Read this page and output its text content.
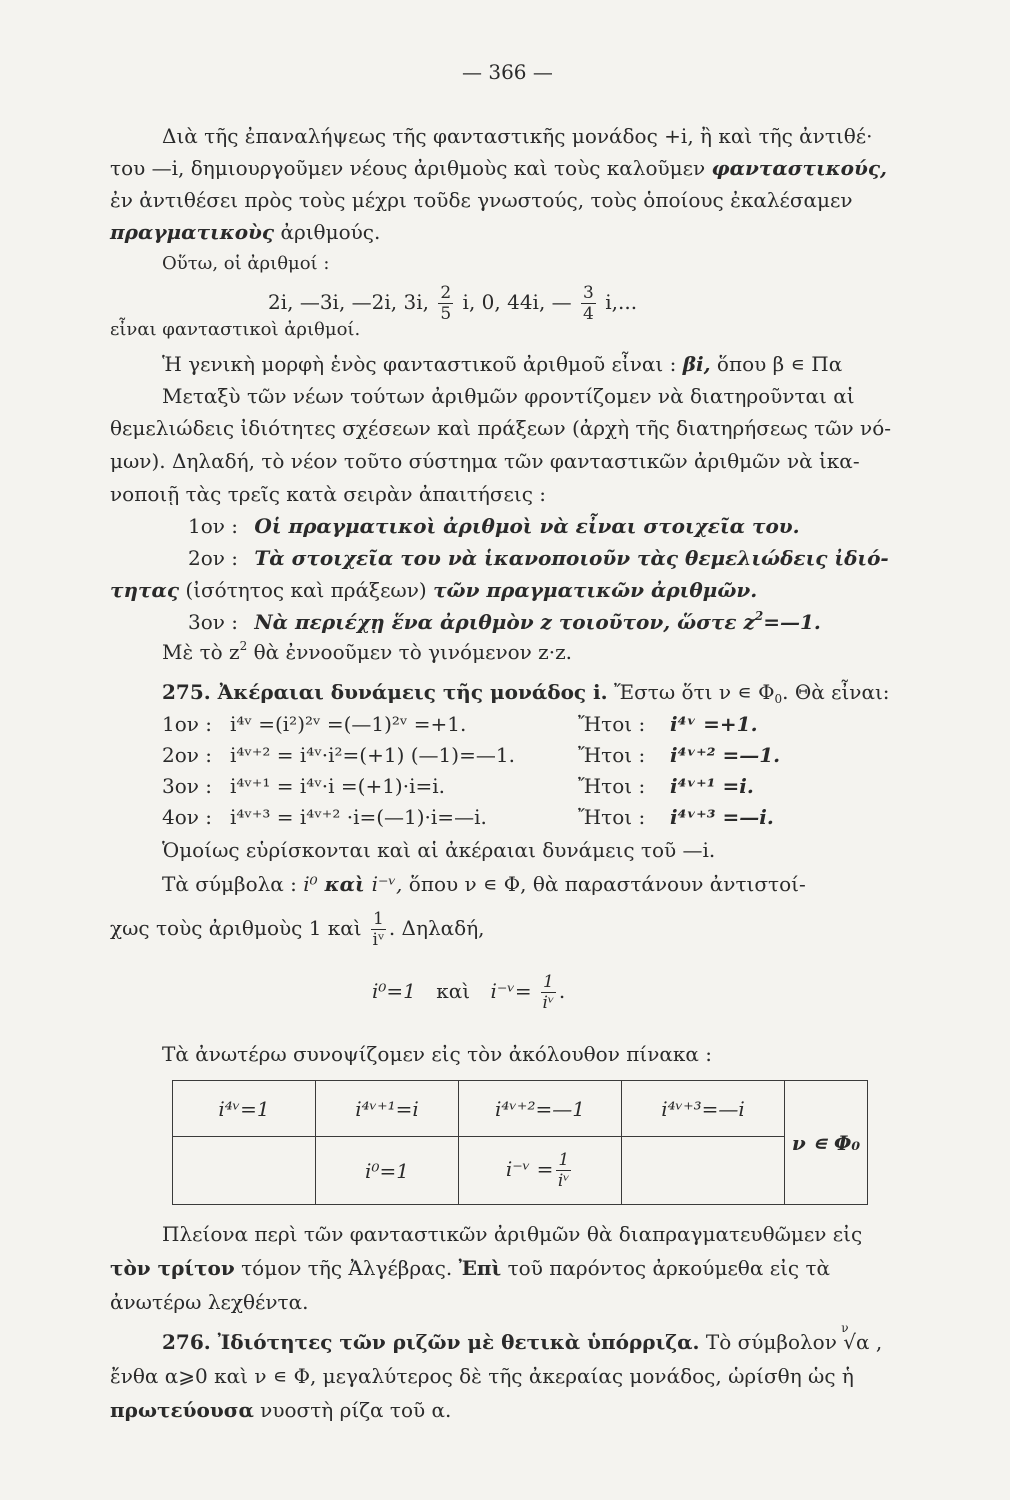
— 366 —
Διὰ τῆς ἐπαναλήψεως τῆς φανταστικῆς μονάδος +i, ἢ καὶ τῆς ἀντιθέ·
του —i, δημιουργοῦμεν νέους ἀριθμοὺς καὶ τοὺς καλοῦμεν φανταστικούς,
ἐν ἀντιθέσει πρὸς τοὺς μέχρι τοῦδε γνωστούς, τοὺς ὁποίους ἐκαλέσαμεν
πραγματικοὺς ἀριθμούς.
Οὕτω, οἱ ἀριθμοί :
2i, —3i, —2i, 3i, $\frac{2}{5} i$, 0, 44i, — $\frac{3}{4} i$,...
εἶναι φανταστικοὶ ἀριθμοί.
Ἡ γενικὴ μορφὴ ἑνὸς φανταστικοῦ ἀριθμοῦ εἶναι : βi, ὅπου β ∊ Πα
Μεταξὺ τῶν νέων τούτων ἀριθμῶν φροντίζομεν νὰ διατηροῦνται αἱ
θεμελιώδεις ἰδιότητες σχέσεων καὶ πράξεων (ἀρχὴ τῆς διατηρήσεως τῶν νό-
μων). Δηλαδή, τὸ νέον τοῦτο σύστημα τῶν φανταστικῶν ἀριθμῶν νὰ ἱκα-
νοποιῇ τὰς τρεῖς κατὰ σειρὰν ἀπαιτήσεις :
1ον : Οἱ πραγματικοὶ ἀριθμοὶ νὰ εἶναι στοιχεῖα του.
2ον : Τὰ στοιχεῖα του νὰ ἱκανοποιοῦν τὰς θεμελιώδεις ἰδιό-
τητας (ἰσότητος καὶ πράξεων) τῶν πραγματικῶν ἀριθμῶν.
3ον : Νὰ περιέχῃ ἕνα ἀριθμὸν z τοιοῦτον, ὥστε $z^2=—1$.
Μὲ τὸ $z^2$ θὰ ἐννοοῦμεν τὸ γινόμενον z·z.
275. Ἀκέραιαι δυνάμεις τῆς μονάδος i. Ἔστω ὅτι ν ∊ $\Phi_0$. Θὰ εἶναι:
1ον : i⁴ᵛ =(i²)²ᵛ =(—1)²ᵛ =+1.	Ἤτοι : i⁴ᵛ =+1.
2ον : i⁴ᵛ⁺² = i⁴ᵛ·i²=(+1) (—1)=—1.	Ἤτοι : i⁴ᵛ⁺² =—1.
3ον : i⁴ᵛ⁺¹ = i⁴ᵛ·i =(+1)·i=i.	Ἤτοι : i⁴ᵛ⁺¹ =i.
4ον : i⁴ᵛ⁺³ = i⁴ᵛ⁺² ·i=(—1)·i=—i.	Ἤτοι : i⁴ᵛ⁺³ =—i.
Ὁμοίως εὑρίσκονται καὶ αἱ ἀκέραιαι δυνάμεις τοῦ —i.
Τὰ σύμβολα : i⁰ καὶ i⁻ᵛ, ὅπου ν ∊ Φ, θὰ παραστάνουν ἀντιστοί-
χως τοὺς ἀριθμοὺς 1 καὶ $\frac{1}{\text{iᵛ}}$ . Δηλαδή,
i⁰=1 καὶ i⁻ᵛ= $\frac{1}{\text{iᵛ}}$ .
Τὰ ἀνωτέρω συνοψίζομεν εἰς τὸν ἀκόλουθον πίνακα :
i⁴ᵛ=1	i⁴ᵛ⁺¹=i	i⁴ᵛ⁺²=—1	i⁴ᵛ⁺³=—i	ν ∊ Φ₀
	i⁰=1	i⁻ᵛ = $\frac{1}{\text{iᵛ}}$

Πλείονα περὶ τῶν φανταστικῶν ἀριθμῶν θὰ διαπραγματευθῶμεν εἰς
τὸν τρίτον τόμον τῆς Ἀλγέβρας. Ἐπὶ τοῦ παρόντος ἀρκούμεθα εἰς τὰ
ἀνωτέρω λεχθέντα.
276. Ἰδιότητες τῶν ριζῶν μὲ θετικὰ ὑπόρριζα. Τὸ σύμβολον
ν
√α ,
ἔνθα α⩾0 καὶ ν ∊ Φ, μεγαλύτερος δὲ τῆς ἀκεραίας μονάδος, ὡρίσθη ὡς ἡ
πρωτεύουσα νυοστὴ ρίζα τοῦ α.
